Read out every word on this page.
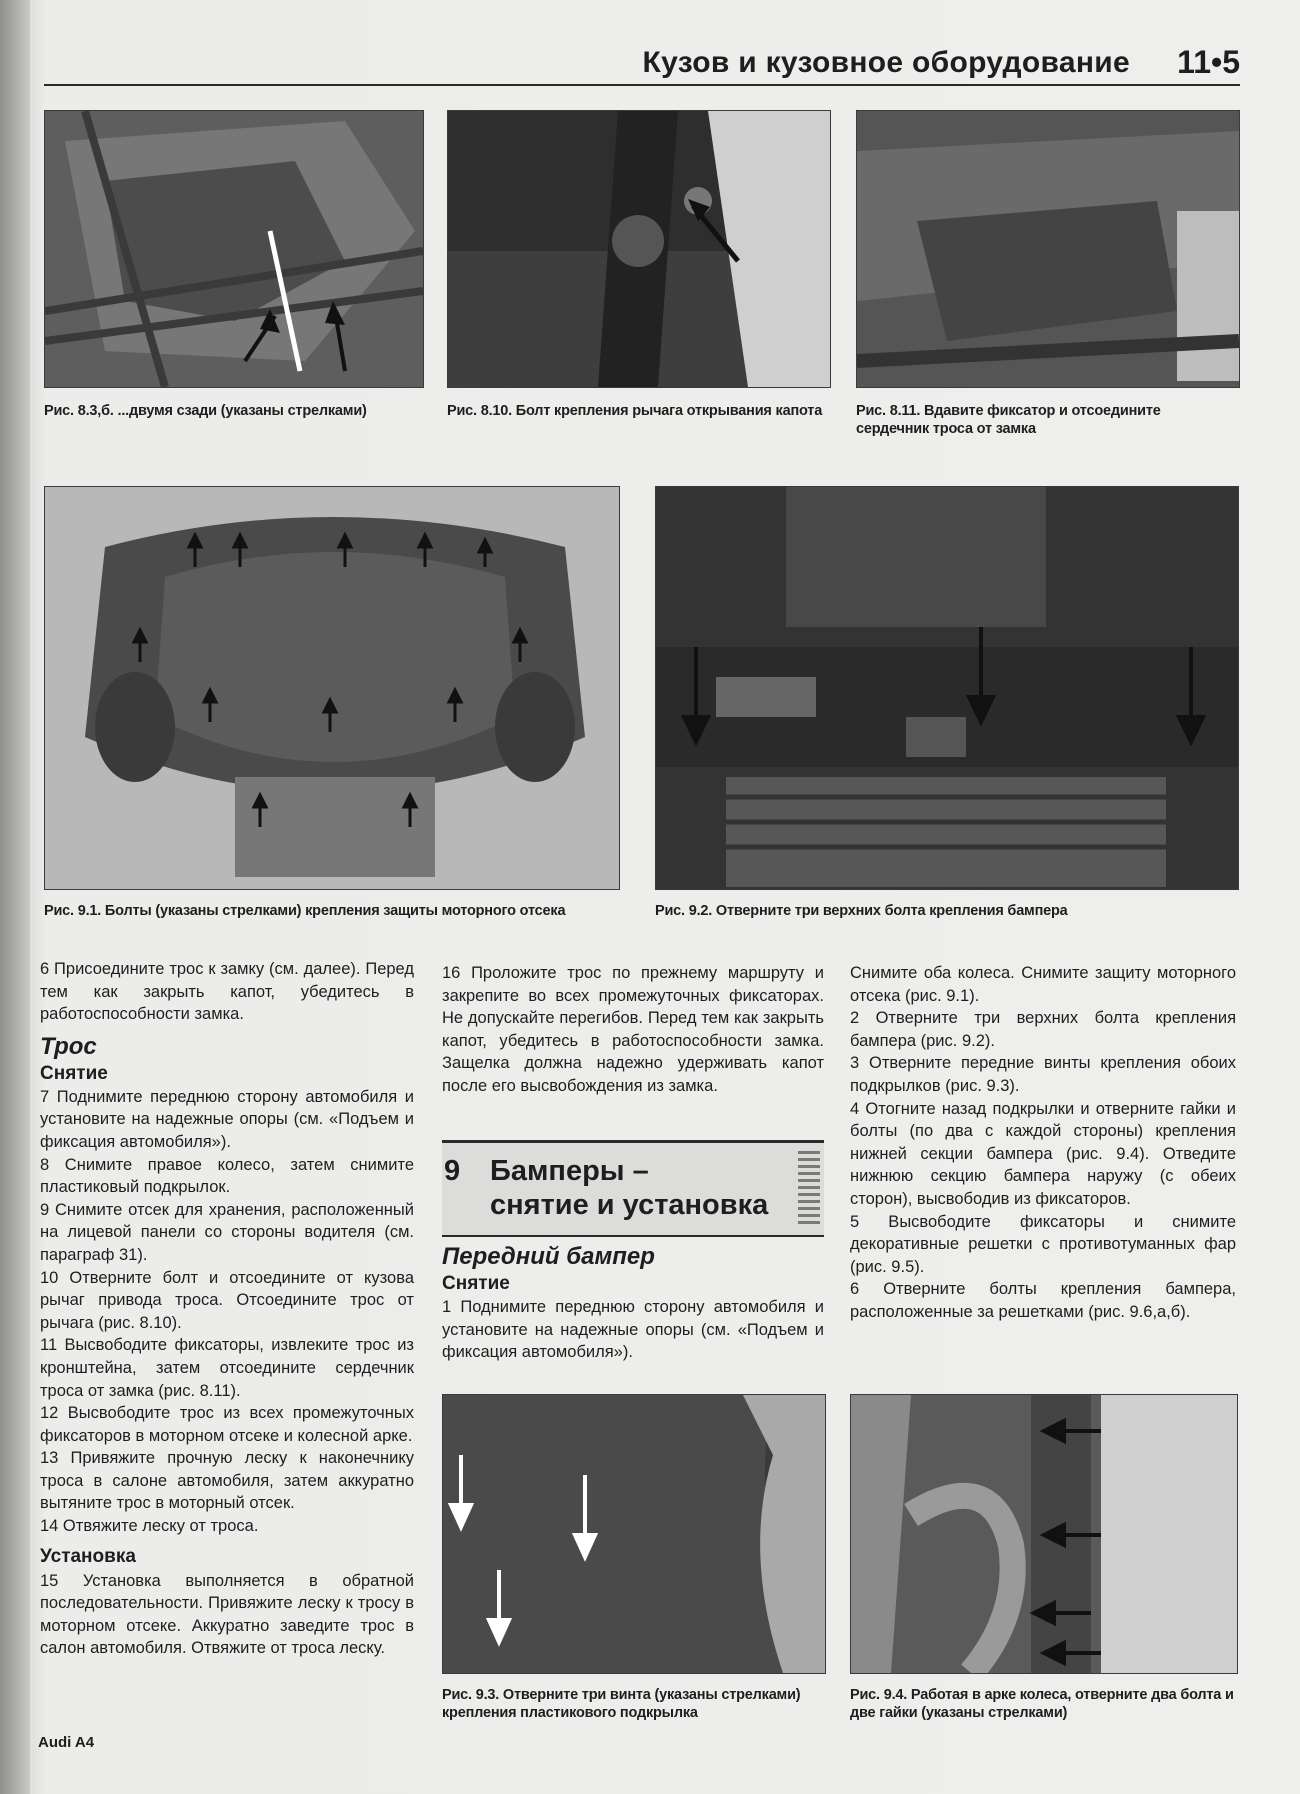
Кузов и кузовное оборудование 11•5
Рис. 8.3,б. ...двумя сзади (указаны стрелками)	Рис. 8.10. Болт крепления рычага открывания капота	Рис. 8.11. Вдавите фиксатор и отсоедините сердечник троса от замка
Рис. 9.1. Болты (указаны стрелками) крепления защиты моторного отсека	Рис. 9.2. Отверните три верхних болта крепления бампера

6 Присоедините трос к замку (см. далее). Перед тем как закрыть капот, убедитесь в работоспособности замка.

Трос
Снятие

7 Поднимите переднюю сторону автомобиля и установите на надежные опоры (см. «Подъем и фиксация автомобиля»).

8 Снимите правое колесо, затем снимите пластиковый подкрылок.

9 Снимите отсек для хранения, расположенный на лицевой панели со стороны водителя (см. параграф 31).

10 Отверните болт и отсоедините от кузова рычаг привода троса. Отсоедините трос от рычага (рис. 8.10).

11 Высвободите фиксаторы, извлеките трос из кронштейна, затем отсоедините сердечник троса от замка (рис. 8.11).

12 Высвободите трос из всех промежуточных фиксаторов в моторном отсеке и колесной арке.

13 Привяжите прочную леску к наконечнику троса в салоне автомобиля, затем аккуратно вытяните трос в моторный отсек.

14 Отвяжите леску от троса.

Установка

15 Установка выполняется в обратной последовательности. Привяжите леску к тросу в моторном отсеке. Аккуратно заведите трос в салон автомобиля. Отвяжите от троса леску.

16 Проложите трос по прежнему маршруту и закрепите во всех промежуточных фиксаторах. Не допускайте перегибов. Перед тем как закрыть капот, убедитесь в работоспособности замка. Защелка должна надежно удерживать капот после его высвобождения из замка.

9 Бамперы –
снятие и установка
Передний бампер
Снятие

1 Поднимите переднюю сторону автомобиля и установите на надежные опоры (см. «Подъем и фиксация автомобиля»).

Снимите оба колеса. Снимите защиту моторного отсека (рис. 9.1).

2 Отверните три верхних болта крепления бампера (рис. 9.2).

3 Отверните передние винты крепления обоих подкрылков (рис. 9.3).

4 Отогните назад подкрылки и отверните гайки и болты (по два с каждой стороны) крепления нижней секции бампера (рис. 9.4). Отведите нижнюю секцию бампера наружу (с обеих сторон), высвободив из фиксаторов.

5 Высвободите фиксаторы и снимите декоративные решетки с противотуманных фар (рис. 9.5).

6 Отверните болты крепления бампера, расположенные за решетками (рис. 9.6,а,б).

Рис. 9.3. Отверните три винта (указаны стрелками) крепления пластикового подкрылка
Рис. 9.4. Работая в арке колеса, отверните два болта и две гайки (указаны стрелками)
Audi A4
